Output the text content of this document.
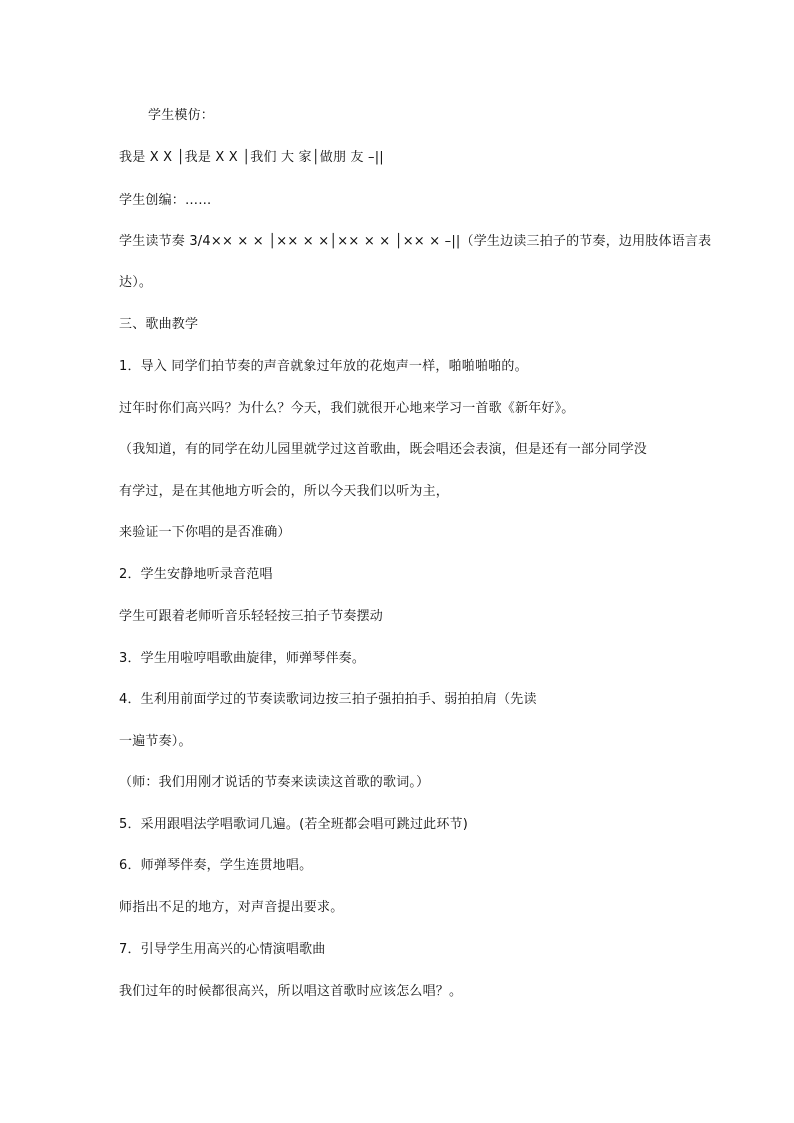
学生模仿：
我是 X X │我是 X X │我们 大 家│做朋 友 –||
学生创编：……
学生读节奏 3/4×× × × │×× × ×│×× × × │×× × –||（学生边读三拍子的节奏，边用肢体语言表
达）。
三、歌曲教学
1．导入 同学们拍节奏的声音就象过年放的花炮声一样，啪啪啪啪的。
过年时你们高兴吗？为什么？今天，我们就很开心地来学习一首歌《新年好》。
（我知道，有的同学在幼儿园里就学过这首歌曲，既会唱还会表演，但是还有一部分同学没
有学过，是在其他地方听会的，所以今天我们以听为主，
来验证一下你唱的是否准确）
2．学生安静地听录音范唱
学生可跟着老师听音乐轻轻按三拍子节奏摆动
3．学生用啦哼唱歌曲旋律，师弹琴伴奏。
4．生利用前面学过的节奏读歌词边按三拍子强拍拍手、弱拍拍肩（先读
一遍节奏）。
（师：我们用刚才说话的节奏来读读这首歌的歌词。）
5．采用跟唱法学唱歌词几遍。(若全班都会唱可跳过此环节)
6．师弹琴伴奏，学生连贯地唱。
师指出不足的地方，对声音提出要求。
7．引导学生用高兴的心情演唱歌曲
我们过年的时候都很高兴，所以唱这首歌时应该怎么唱？。
